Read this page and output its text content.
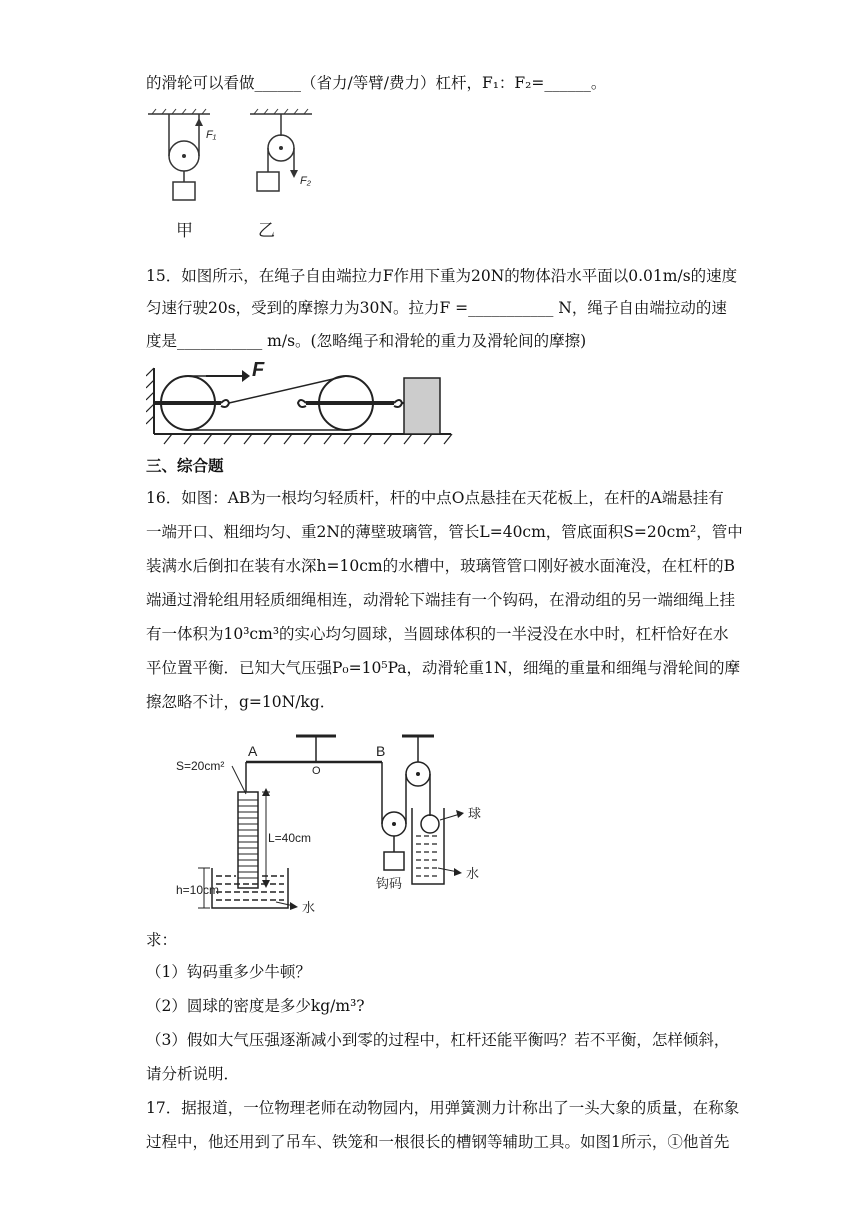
的滑轮可以看做______（省力/等臂/费力）杠杆，F₁：F₂=______。
F₁
F₂
甲	乙
15．如图所示，在绳子自由端拉力F作用下重为20N的物体沿水平面以0.01m/s的速度
匀速行驶20s，受到的摩擦力为30N。拉力F =___________ N，绳子自由端拉动的速
度是___________ m/s。(忽略绳子和滑轮的重力及滑轮间的摩擦)
F
三、综合题
16．如图：AB为一根均匀轻质杆，杆的中点O点悬挂在天花板上，在杆的A端悬挂有
一端开口、粗细均匀、重2N的薄壁玻璃管，管长L=40cm，管底面积S=20cm²，管中
装满水后倒扣在装有水深h=10cm的水槽中，玻璃管管口刚好被水面淹没，在杠杆的B
端通过滑轮组用轻质细绳相连，动滑轮下端挂有一个钩码，在滑动组的另一端细绳上挂
有一体积为10³cm³的实心均匀圆球，当圆球体积的一半浸没在水中时，杠杆恰好在水
平位置平衡．已知大气压强P₀=10⁵Pa，动滑轮重1N，细绳的重量和细绳与滑轮间的摩
擦忽略不计，g=10N/kg．
S=20cm²
A
O
B
L=40cm
h=10cm
水
钩码
球
水
求：
（1）钩码重多少牛顿？
（2）圆球的密度是多少kg/m³?
（3）假如大气压强逐渐减小到零的过程中，杠杆还能平衡吗？若不平衡，怎样倾斜，
请分析说明．
17．据报道，一位物理老师在动物园内，用弹簧测力计称出了一头大象的质量，在称象
过程中，他还用到了吊车、铁笼和一根很长的槽钢等辅助工具。如图1所示，①他首先
